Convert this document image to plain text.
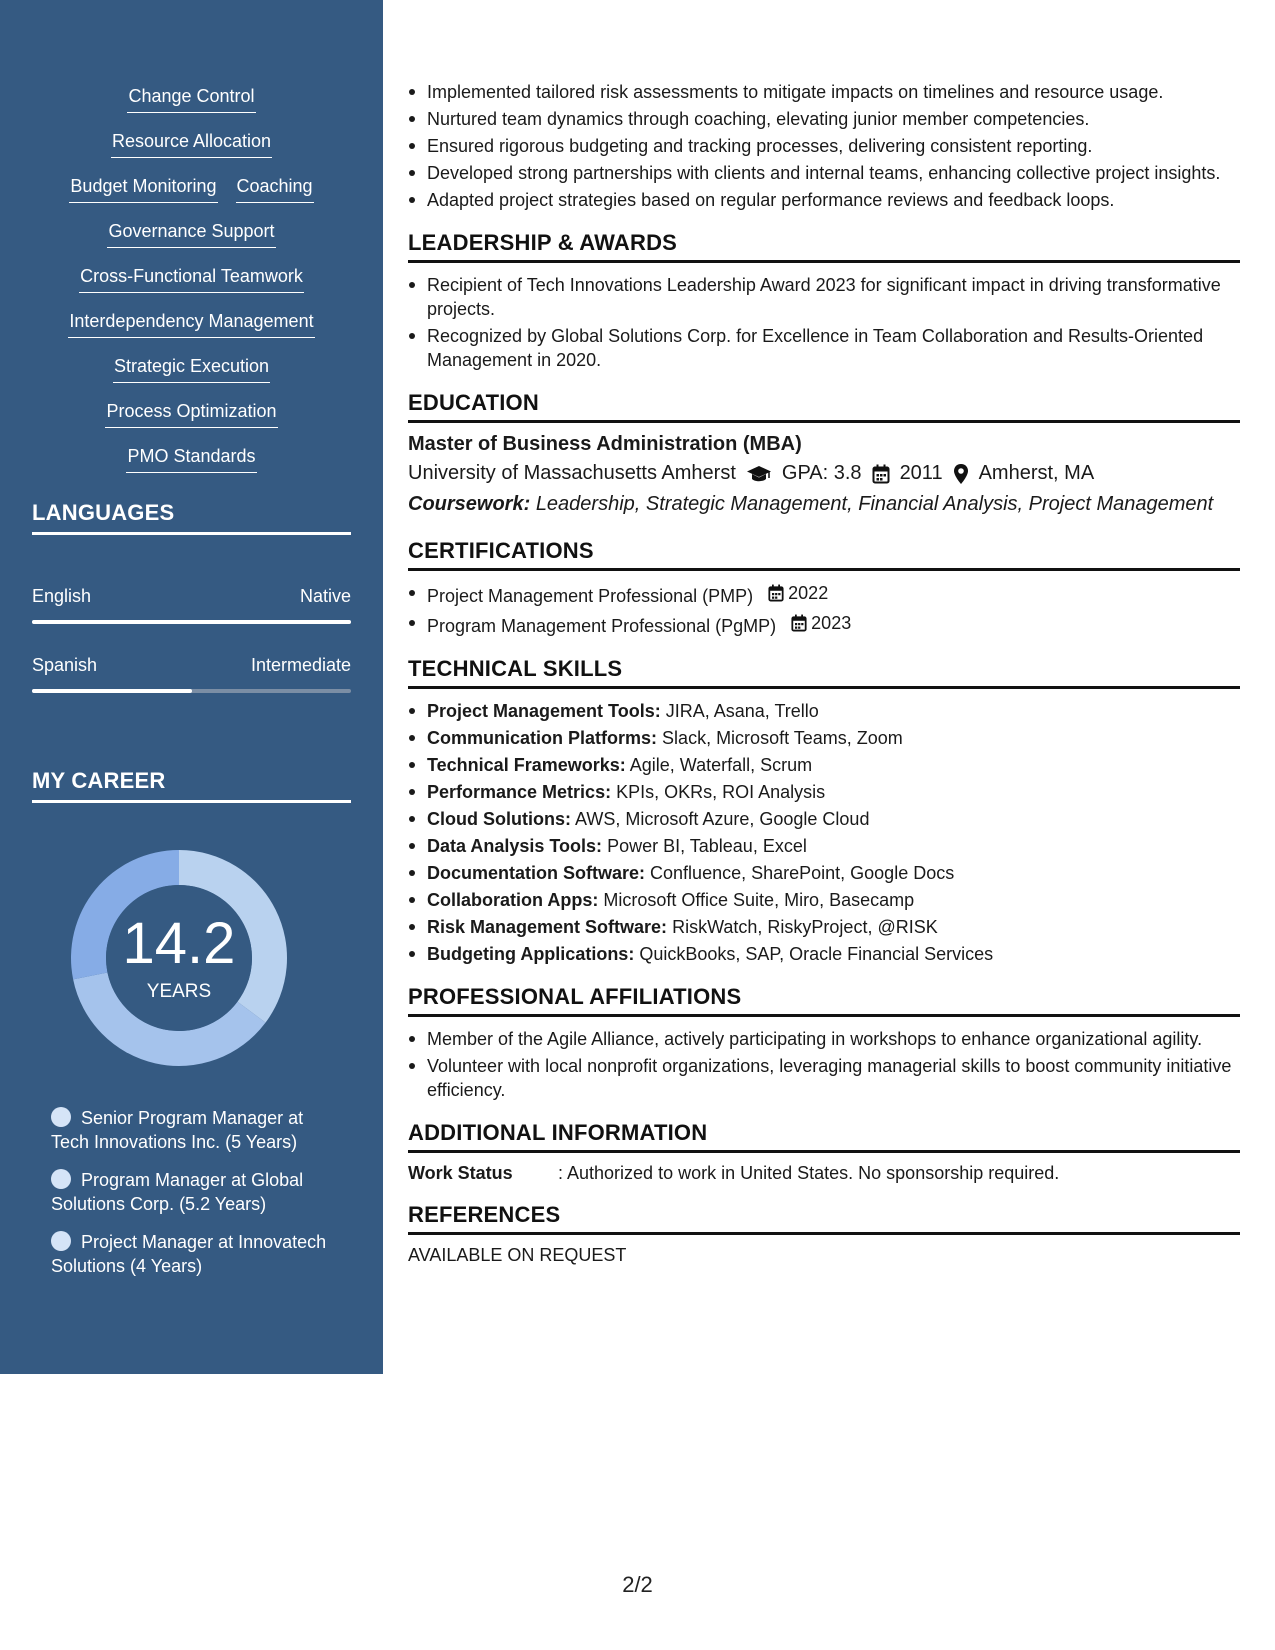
Change Control
Resource Allocation
Budget Monitoring Coaching
Governance Support
Cross-Functional Teamwork
Interdependency Management
Strategic Execution
Process Optimization
PMO Standards
LANGUAGES
English	Native
Spanish	Intermediate
MY CAREER
14.2
YEARS
Senior Program Manager at Tech Innovations Inc. (5 Years)
Program Manager at Global Solutions Corp. (5.2 Years)
Project Manager at Innovatech Solutions (4 Years)
Implemented tailored risk assessments to mitigate impacts on timelines and resource usage.
Nurtured team dynamics through coaching, elevating junior member competencies.
Ensured rigorous budgeting and tracking processes, delivering consistent reporting.
Developed strong partnerships with clients and internal teams, enhancing collective project insights.
Adapted project strategies based on regular performance reviews and feedback loops.
LEADERSHIP & AWARDS
Recipient of Tech Innovations Leadership Award 2023 for significant impact in driving transformative projects.
Recognized by Global Solutions Corp. for Excellence in Team Collaboration and Results-Oriented Management in 2020.
EDUCATION
Master of Business Administration (MBA)
University of Massachusetts Amherst GPA: 3.8 2011 Amherst, MA
Coursework: Leadership, Strategic Management, Financial Analysis, Project Management
CERTIFICATIONS
Project Management Professional (PMP) 2022
Program Management Professional (PgMP) 2023
TECHNICAL SKILLS
Project Management Tools: JIRA, Asana, Trello
Communication Platforms: Slack, Microsoft Teams, Zoom
Technical Frameworks: Agile, Waterfall, Scrum
Performance Metrics: KPIs, OKRs, ROI Analysis
Cloud Solutions: AWS, Microsoft Azure, Google Cloud
Data Analysis Tools: Power BI, Tableau, Excel
Documentation Software: Confluence, SharePoint, Google Docs
Collaboration Apps: Microsoft Office Suite, Miro, Basecamp
Risk Management Software: RiskWatch, RiskyProject, @RISK
Budgeting Applications: QuickBooks, SAP, Oracle Financial Services
PROFESSIONAL AFFILIATIONS
Member of the Agile Alliance, actively participating in workshops to enhance organizational agility.
Volunteer with local nonprofit organizations, leveraging managerial skills to boost community initiative efficiency.
ADDITIONAL INFORMATION
Work Status	: Authorized to work in United States. No sponsorship required.
REFERENCES
AVAILABLE ON REQUEST
2/2
